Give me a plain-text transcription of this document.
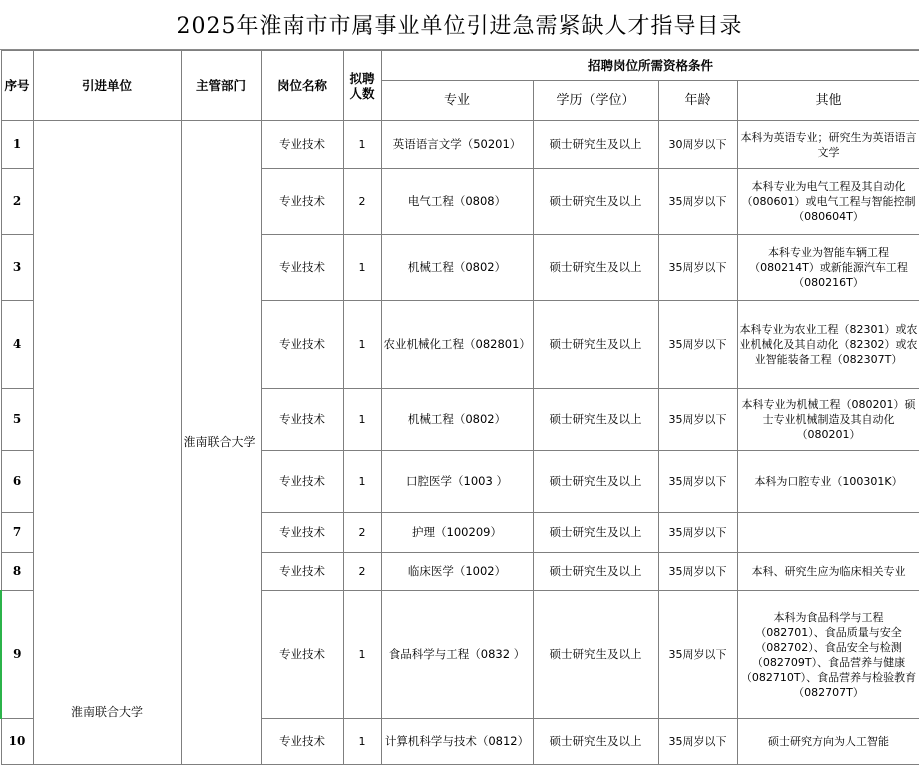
2025年淮南市市属事业单位引进急需紧缺人才指导目录
序号	引进单位	主管部门	岗位名称	拟聘人数	招聘岗位所需资格条件			
					专业	学历（学位）	年龄	其他
1	淮南联合大学	淮南联合大学	专业技术	1	英语语言文学（50201）	硕士研究生及以上	30周岁以下	本科为英语专业；研究生为英语语言文学
2			专业技术	2	电气工程（0808）	硕士研究生及以上	35周岁以下	本科专业为电气工程及其自动化（080601）或电气工程与智能控制（080604T）
3			专业技术	1	机械工程（0802）	硕士研究生及以上	35周岁以下	本科专业为智能车辆工程（080214T）或新能源汽车工程（080216T）
4			专业技术	1	农业机械化工程（082801）	硕士研究生及以上	35周岁以下	本科专业为农业工程（82301）或农业机械化及其自动化（82302）或农业智能装备工程（082307T）
5			专业技术	1	机械工程（0802）	硕士研究生及以上	35周岁以下	本科专业为机械工程（080201）硕士专业机械制造及其自动化（080201）
6			专业技术	1	口腔医学（1003 ）	硕士研究生及以上	35周岁以下	本科为口腔专业（100301K）
7			专业技术	2	护理（100209）	硕士研究生及以上	35周岁以下	
8			专业技术	2	临床医学（1002）	硕士研究生及以上	35周岁以下	本科、研究生应为临床相关专业
9			专业技术	1	食品科学与工程（0832 ）	硕士研究生及以上	35周岁以下	本科为食品科学与工程（082701）、食品质量与安全（082702）、食品安全与检测（082709T）、食品营养与健康（082710T）、食品营养与检验教育（082707T）
10			专业技术	1	计算机科学与技术（0812）	硕士研究生及以上	35周岁以下	硕士研究方向为人工智能
